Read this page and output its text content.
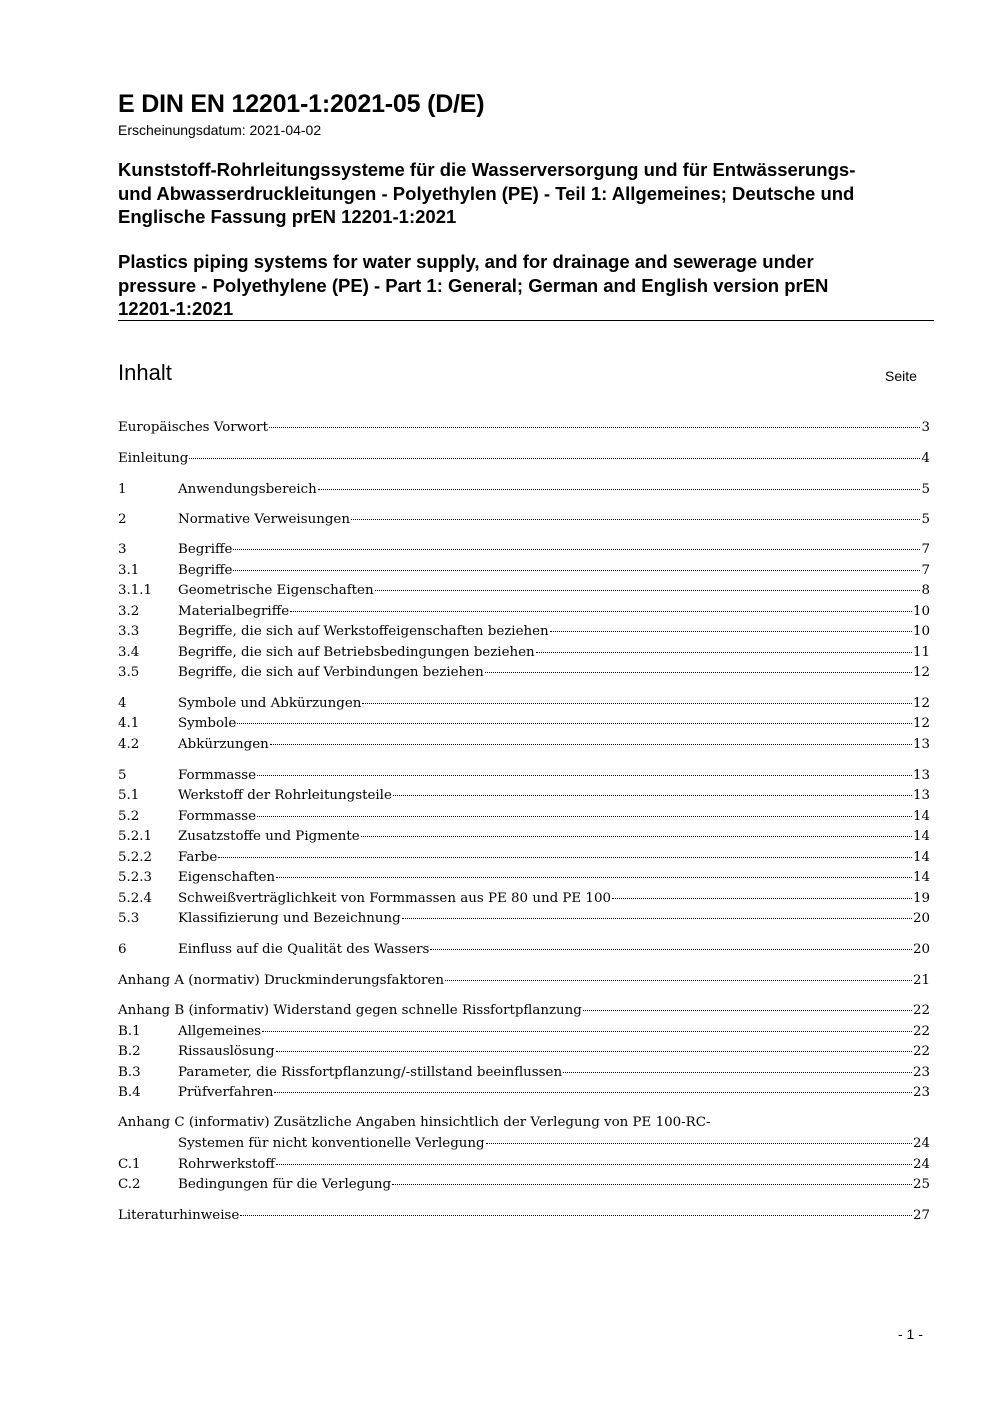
E DIN EN 12201-1:2021-05 (D/E)
Erscheinungsdatum: 2021-04-02
Kunststoff-Rohrleitungssysteme für die Wasserversorgung und für Entwässerungs-
und Abwasserdruckleitungen - Polyethylen (PE) - Teil 1: Allgemeines; Deutsche und
Englische Fassung prEN 12201-1:2021
Plastics piping systems for water supply, and for drainage and sewerage under
pressure - Polyethylene (PE) - Part 1: General; German and English version prEN
12201-1:2021
Inhalt	Seite
Europäisches Vorwort	3
Einleitung	4
1	Anwendungsbereich	5
2	Normative Verweisungen	5
3	Begriffe	7
3.1	Begriffe	7
3.1.1	Geometrische Eigenschaften	8
3.2	Materialbegriffe	10
3.3	Begriffe, die sich auf Werkstoffeigenschaften beziehen	10
3.4	Begriffe, die sich auf Betriebsbedingungen beziehen	11
3.5	Begriffe, die sich auf Verbindungen beziehen	12
4	Symbole und Abkürzungen	12
4.1	Symbole	12
4.2	Abkürzungen	13
5	Formmasse	13
5.1	Werkstoff der Rohrleitungsteile	13
5.2	Formmasse	14
5.2.1	Zusatzstoffe und Pigmente	14
5.2.2	Farbe	14
5.2.3	Eigenschaften	14
5.2.4	Schweißverträglichkeit von Formmassen aus PE 80 und PE 100	19
5.3	Klassifizierung und Bezeichnung	20
6	Einfluss auf die Qualität des Wassers	20
Anhang A (normativ) Druckminderungsfaktoren	21
Anhang B (informativ) Widerstand gegen schnelle Rissfortpflanzung	22
B.1	Allgemeines	22
B.2	Rissauslösung	22
B.3	Parameter, die Rissfortpflanzung/-stillstand beeinflussen	23
B.4	Prüfverfahren	23
Anhang C (informativ) Zusätzliche Angaben hinsichtlich der Verlegung von PE 100-RC-
Systemen für nicht konventionelle Verlegung	24
C.1	Rohrwerkstoff	24
C.2	Bedingungen für die Verlegung	25
Literaturhinweise	27
- 1 -
